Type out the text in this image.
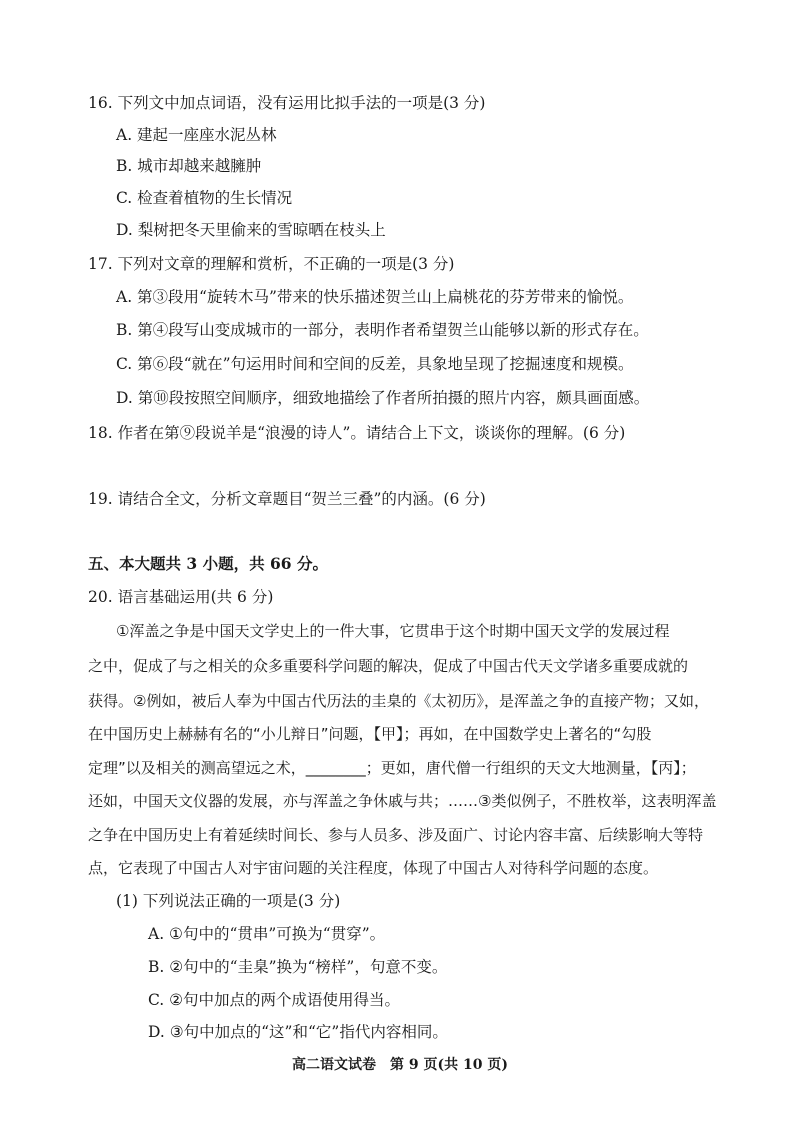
16. 下列文中加点词语，没有运用比拟手法的一项是(3 分)
A. 建起一座座水泥丛林
B. 城市却越来越臃肿
C. 检查着植物的生长情况
D. 梨树把冬天里偷来的雪晾晒在枝头上
17. 下列对文章的理解和赏析，不正确的一项是(3 分)
A. 第③段用“旋转木马”带来的快乐描述贺兰山上扁桃花的芬芳带来的愉悦。
B. 第④段写山变成城市的一部分，表明作者希望贺兰山能够以新的形式存在。
C. 第⑥段“就在”句运用时间和空间的反差，具象地呈现了挖掘速度和规模。
D. 第⑩段按照空间顺序，细致地描绘了作者所拍摄的照片内容，颇具画面感。
18. 作者在第⑨段说羊是“浪漫的诗人”。请结合上下文，谈谈你的理解。(6 分)
19. 请结合全文，分析文章题目“贺兰三叠”的内涵。(6 分)
五、本大题共 3 小题，共 66 分。
20. 语言基础运用(共 6 分)
①浑盖之争是中国天文学史上的一件大事，它贯串于这个时期中国天文学的发展过程
之中，促成了与之相关的众多重要科学问题的解决，促成了中国古代天文学诸多重要成就的
获得。②例如，被后人奉为中国古代历法的圭臬的《太初历》，是浑盖之争的直接产物；又如，
在中国历史上赫赫有名的“小儿辩日”问题，【甲】；再如，在中国数学史上著名的“勾股
定理”以及相关的测高望远之术，________；更如，唐代僧一行组织的天文大地测量，【丙】；
还如，中国天文仪器的发展，亦与浑盖之争休戚与共；……③类似例子，不胜枚举，这表明浑盖
之争在中国历史上有着延续时间长、参与人员多、涉及面广、讨论内容丰富、后续影响大等特
点，它表现了中国古人对宇宙问题的关注程度，体现了中国古人对待科学问题的态度。
(1) 下列说法正确的一项是(3 分)
A. ①句中的“贯串”可换为“贯穿”。
B. ②句中的“圭臬”换为“榜样”，句意不变。
C. ②句中加点的两个成语使用得当。
D. ③句中加点的“这”和“它”指代内容相同。
高二语文试卷　第 9 页(共 10 页)
